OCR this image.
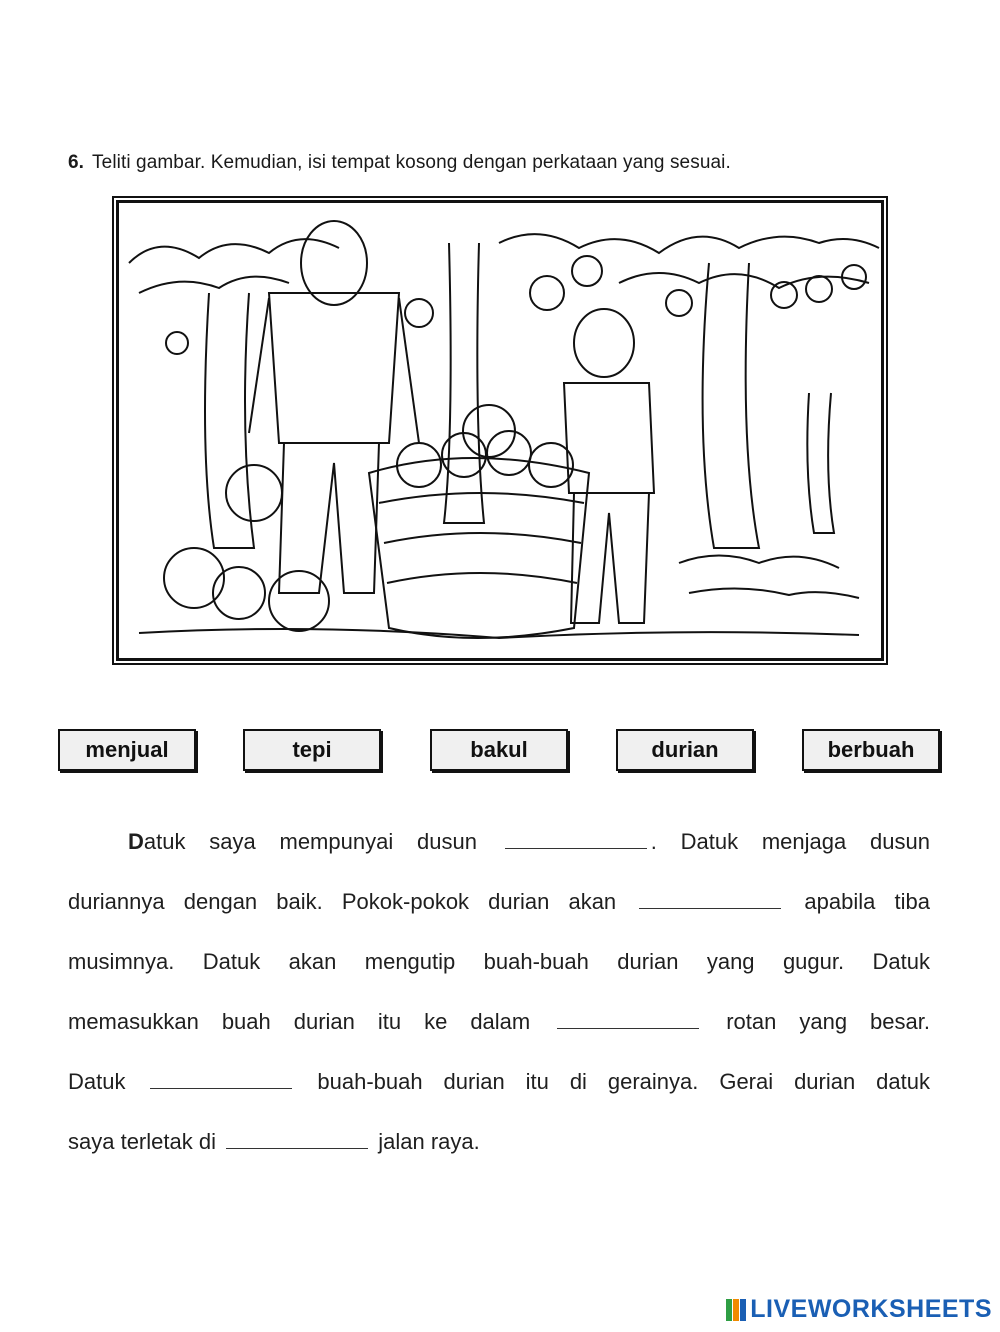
6. Teliti gambar. Kemudian, isi tempat kosong dengan perkataan yang sesuai.
menjual	tepi	bakul	durian	berbuah
Datuk saya mempunyai dusun	. Datuk menjaga dusun
duriannya dengan baik. Pokok-pokok durian akan	apabila tiba
musimnya. Datuk akan mengutip buah-buah durian yang gugur. Datuk
memasukkan buah durian itu ke dalam	rotan yang besar.
Datuk	buah-buah durian itu di gerainya. Gerai durian datuk
saya terletak di	jalan raya.
LIVEWORKSHEETS
